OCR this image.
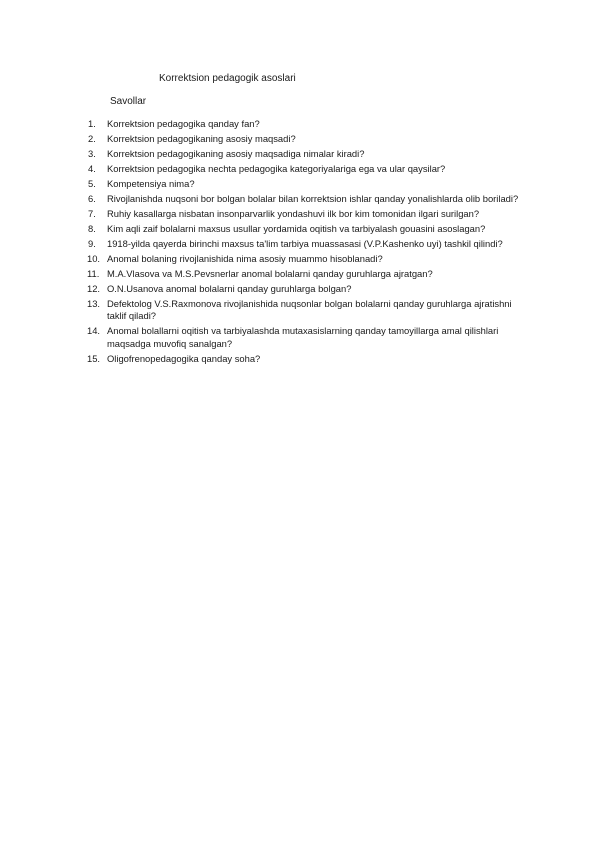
Korrektsion pedagogik asoslari
Savollar
1.	Korrektsion pedagogika qanday fan?
2.	Korrektsion pedagogikaning asosiy maqsadi?
3.	Korrektsion pedagogikaning asosiy maqsadiga nimalar kiradi?
4.	Korrektsion pedagogika nechta pedagogika kategoriyalariga ega va ular qaysilar?
5.	Kompetensiya nima?
6.	Rivojlanishda nuqsoni bor bolgan bolalar bilan korrektsion ishlar qanday yonalishlarda olib boriladi?
7.	Ruhiy kasallarga nisbatan insonparvarlik yondashuvi ilk bor kim tomonidan ilgari surilgan?
8.	Kim aqli zaif bolalarni maxsus usullar yordamida oqitish va tarbiyalash gouasini asoslagan?
9.	1918-yilda qayerda birinchi maxsus ta'lim tarbiya muassasasi (V.P.Kashenko uyi) tashkil qilindi?
10. Anomal bolaning rivojlanishida nima asosiy muammo hisoblanadi?
11. M.A.Vlasova va M.S.Pevsnerlar anomal bolalarni qanday guruhlarga ajratgan?
12. O.N.Usanova anomal bolalarni qanday guruhlarga bolgan?
13. Defektolog V.S.Raxmonova rivojlanishida nuqsonlar bolgan bolalarni qanday guruhlarga ajratishni taklif qiladi?
14. Anomal bolallarni oqitish va tarbiyalashda mutaxasislarning qanday tamoyillarga amal qilishlari maqsadga muvofiq sanalgan?
15. Oligofrenopedagogika qanday soha?
